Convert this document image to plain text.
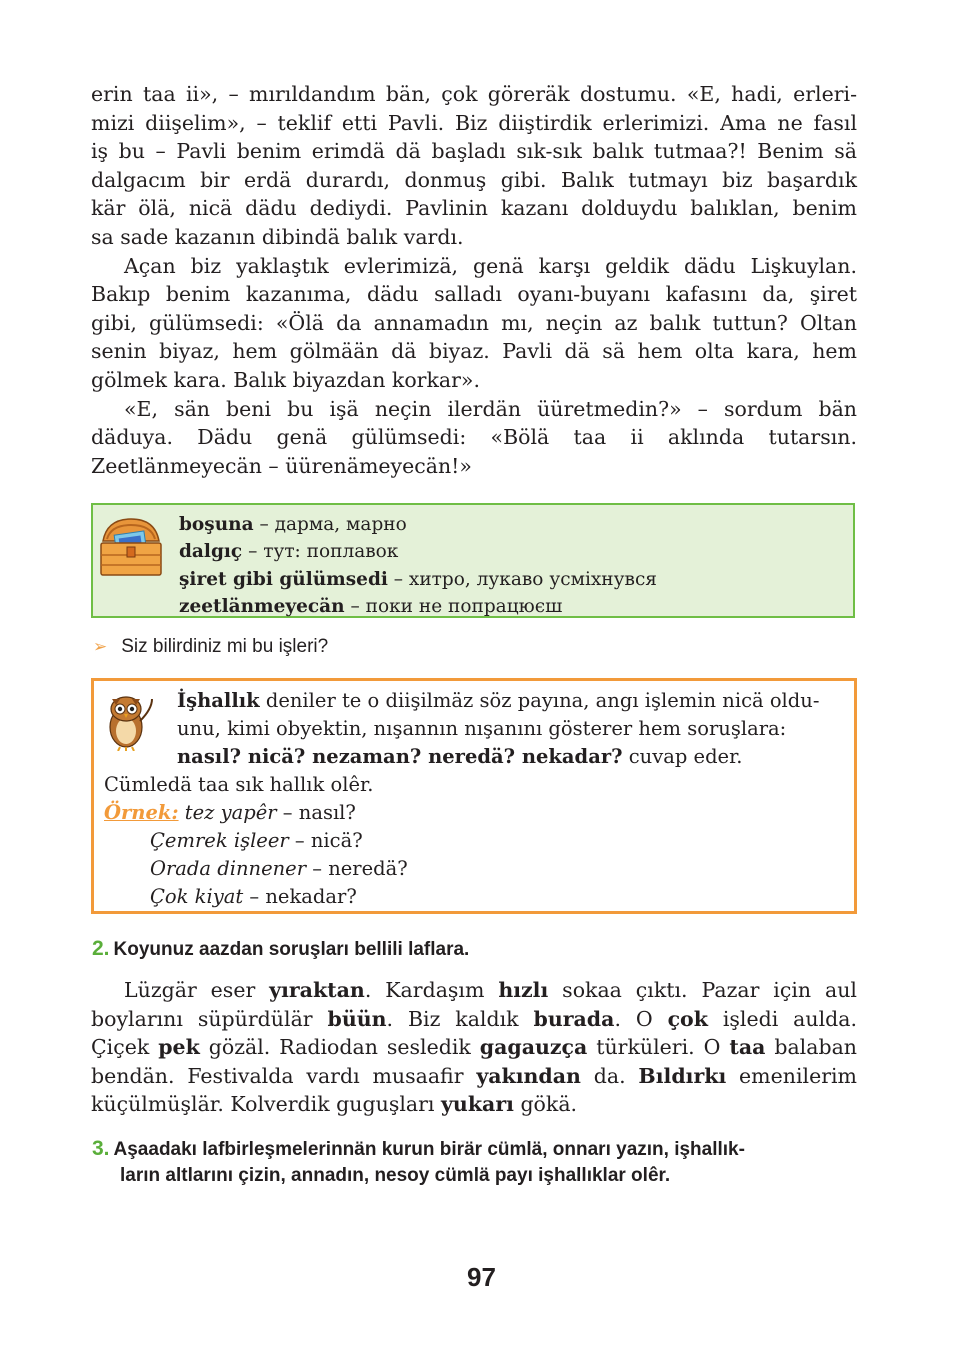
erin taa ii», – mırıldandım bän, çok göreräk dostumu. «E, hadi, erleri-
mizi diişelim», – teklif etti Pavli. Biz diiştirdik erlerimizi. Ama ne fasıl
iş bu – Pavli benim erimdä dä başladı sık-sık balık tutmaa?! Benim sä
dalgacım bir erdä durardı, donmuş gibi. Balık tutmayı biz başardık
kär ölä, nicä dädu dediydi. Pavlinin kazanı dolduydu balıklan, benim
sa sade kazanın dibindä balık vardı.

Açan biz yaklaştık evlerimizä, genä karşı geldik dädu Lişkuylan.
Bakıp benim kazanıma, dädu salladı oyanı-buyanı kafasını da, şiret
gibi, gülümsedi: «Ölä da annamadın mı, neçin az balık tuttun? Oltan
senin biyaz, hem gölmään dä biyaz. Pavli dä sä hem olta kara, hem
gölmek kara. Balık biyazdan korkar».

«E, sän beni bu işä neçin ilerdän üüretmedin?» – sordum bän
däduya. Dädu genä gülümsedi: «Bölä taa ii aklında tutarsın.
Zeetlänmeyecän – üürenämeyecän!»

boşuna – дарма, марно
dalgıç – тут: поплавок
şiret gibi gülümsedi – хитро, лукаво усміхнувся
zeetlänmeyecän – поки не попрацюєш
➢ Siz bilirdiniz mi bu işleri?
İşhallık deniler te o diişilmäz söz payına, angı işlemin nicä oldu-
unu, kimi obyektin, nışannın nışanını gösterer hem soruşlara:
nasıl? nicä? nezaman? neredä? nekadar? cuvap eder.
Cümledä taa sık hallık olêr.
Örnek: tez yapêr – nasıl?
Çemrek işleer – nicä?
Orada dinnener – neredä?
Çok kiyat – nekadar?
2. Koyunuz aazdan soruşları bellili laflara.

Lüzgär eser yıraktan. Kardaşım hızlı sokaa çıktı. Pazar için aul
boylarını süpürdülär büün. Biz kaldık burada. O çok işledi aulda.
Çiçek pek gözäl. Radiodan sesledik gagauzça türküleri. O taa balaban
bendän. Festivalda vardı musaafir yakından da. Bıldırkı emenilerim
küçülmüşlär. Kolverdik guguşları yukarı gökä.

3. Aşaadakı lafbirleşmelerinnän kurun birär cümlä, onnarı yazın, işhallık-
ların altlarını çizin, annadın, nesoy cümlä payı işhallıklar olêr.
97
